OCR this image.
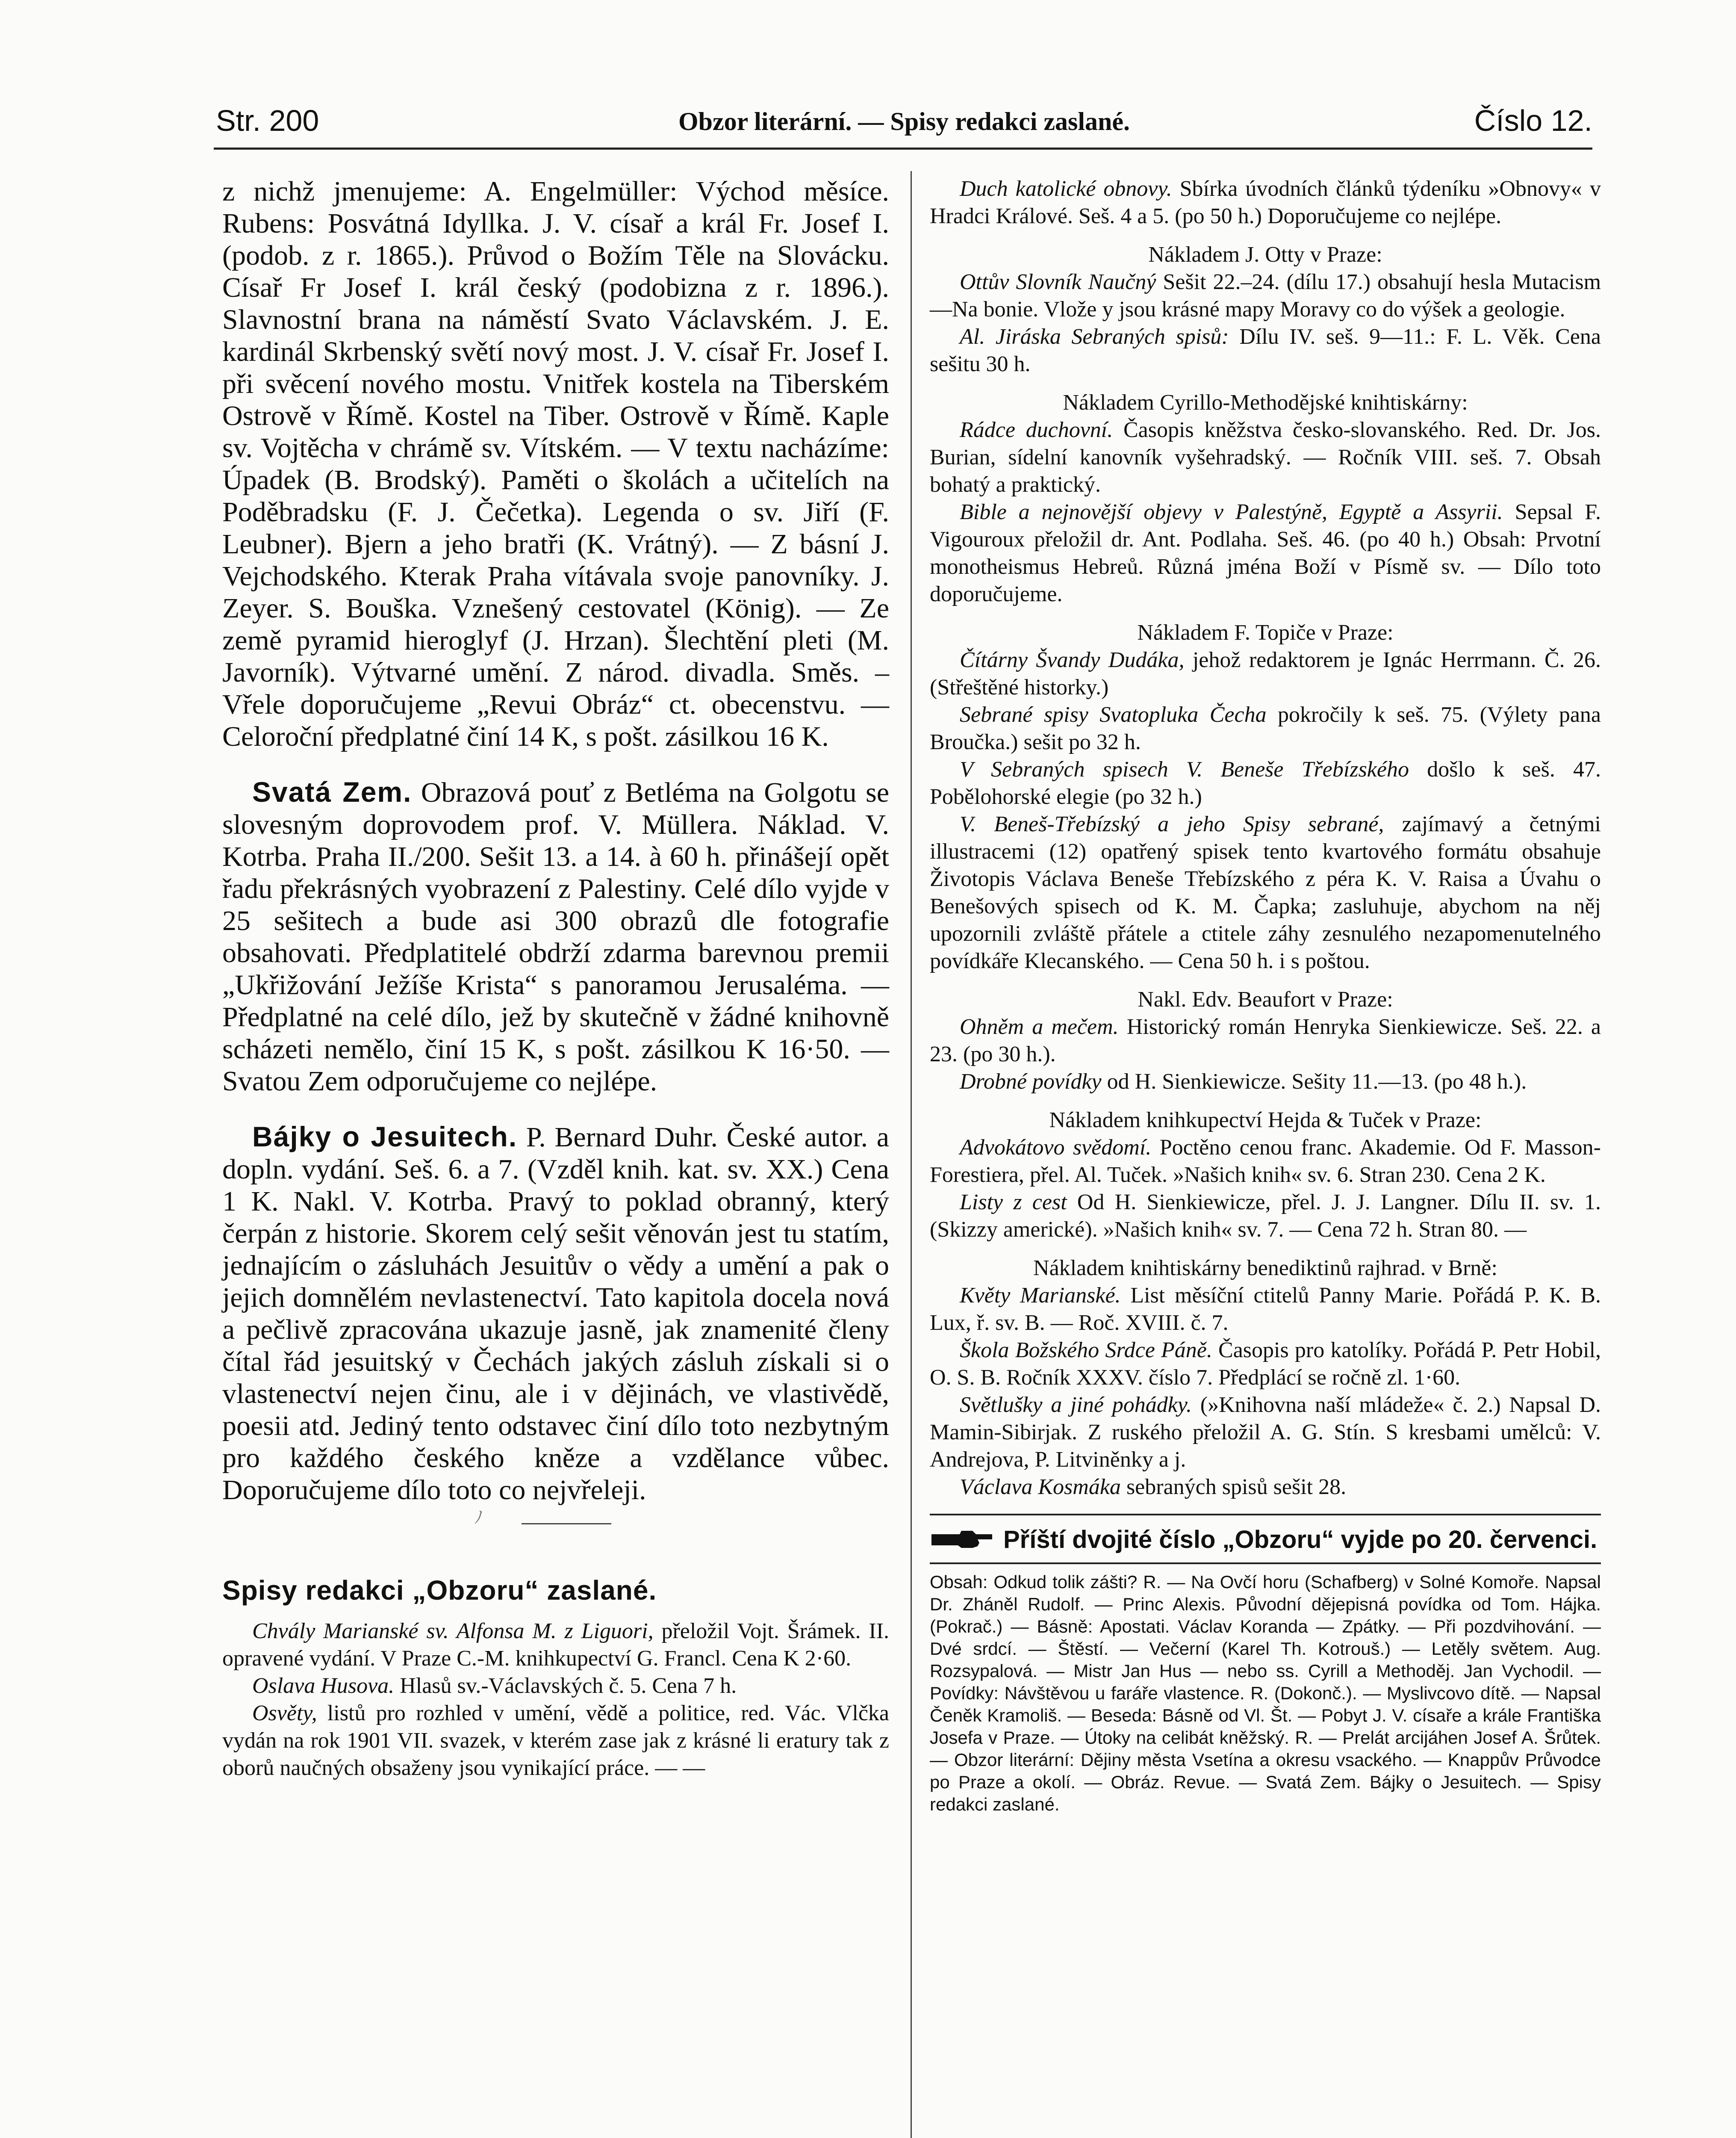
Str. 200	Obzor literární. — Spisy redakci zaslané.	Číslo 12.

z nichž jmenujeme: A. Engelmüller: Východ měsíce. Rubens: Posvátná Idyllka. J. V. císař a král Fr. Josef I. (podob. z r. 1865.). Průvod o Božím Těle na Slovácku. Císař Fr Josef I. král český (podobizna z r. 1896.). Slavnostní brana na náměstí Svato Václavském. J. E. kardinál Skrbenský světí nový most. J. V. císař Fr. Josef I. při svěcení nového mostu. Vnitřek kostela na Tiberském Ostrově v Římě. Kostel na Tiber. Ostrově v Římě. Kaple sv. Vojtěcha v chrámě sv. Vítském. — V textu nacházíme: Úpadek (B. Brodský). Paměti o školách a učitelích na Poděbradsku (F. J. Čečetka). Legenda o sv. Jiří (F. Leubner). Bjern a jeho bratři (K. Vrátný). — Z básní J. Vejchodského. Kterak Praha vítávala svoje panovníky. J. Zeyer. S. Bouška. Vznešený cestovatel (König). — Ze země pyramid hieroglyf (J. Hrzan). Šlechtění pleti (M. Javorník). Výtvarné umění. Z národ. divadla. Směs. – Vřele doporučujeme „Revui Obráz“ ct. obecenstvu. — Celoroční předplatné činí 14 K, s pošt. zásilkou 16 K.

Svatá Zem. Obrazová pouť z Betléma na Golgotu se slovesným doprovodem prof. V. Müllera. Náklad. V. Kotrba. Praha II./200. Sešit 13. a 14. à 60 h. přinášejí opět řadu překrásných vyobrazení z Palestiny. Celé dílo vyjde v 25 sešitech a bude asi 300 obrazů dle fotografie obsahovati. Předplatitelé obdrží zdarma barevnou premii „Ukřižování Ježíše Krista“ s panoramou Jerusaléma. — Předplatné na celé dílo, jež by skutečně v žádné knihovně scházeti nemělo, činí 15 K, s pošt. zásilkou K 16·50. — Svatou Zem odporučujeme co nejlépe.

Bájky o Jesuitech. P. Bernard Duhr. České autor. a dopln. vydání. Seš. 6. a 7. (Vzděl knih. kat. sv. XX.) Cena 1 K. Nakl. V. Kotrba. Pravý to poklad obranný, který čerpán z historie. Skorem celý sešit věnován jest tu statím, jednajícím o zásluhách Jesuitův o vědy a umění a pak o jejich domnělém nevlastenectví. Tato kapitola docela nová a pečlivě zpracována ukazuje jasně, jak znamenité členy čítal řád jesuitský v Čechách jakých zásluh získali si o vlastenectví nejen činu, ale i v dějinách, ve vlastivědě, poesii atd. Jediný tento odstavec činí dílo toto nezbytným pro každého českého kněze a vzdělance vůbec. Doporučujeme dílo toto co nejvřeleji.

ﾉ

Spisy redakci „Obzoru“ zaslané.

Chvály Marianské sv. Alfonsa M. z Liguori, přeložil Vojt. Šrámek. II. opravené vydání. V Praze C.-M. knihkupectví G. Francl. Cena K 2·60.

Oslava Husova. Hlasů sv.-Václavských č. 5. Cena 7 h.

Osvěty, listů pro rozhled v umění, vědě a politice, red. Vác. Vlčka vydán na rok 1901 VII. svazek, v kterém zase jak z krásné li eratury tak z oborů naučných obsaženy jsou vynikající práce. — —

Duch katolické obnovy. Sbírka úvodních článků týdeníku »Obnovy« v Hradci Králové. Seš. 4 a 5. (po 50 h.) Doporučujeme co nejlépe.

Nákladem J. Otty v Praze:

Ottův Slovník Naučný Sešit 22.–24. (dílu 17.) obsahují hesla Mutacism—Na bonie. Vlože y jsou krásné mapy Moravy co do výšek a geologie.

Al. Jiráska Sebraných spisů: Dílu IV. seš. 9—11.: F. L. Věk. Cena sešitu 30 h.

Nákladem Cyrillo-Methodějské knihtiskárny:

Rádce duchovní. Časopis kněžstva česko-slovanského. Red. Dr. Jos. Burian, sídelní kanovník vyšehradský. — Ročník VIII. seš. 7. Obsah bohatý a praktický.

Bible a nejnovější objevy v Palestýně, Egyptě a Assyrii. Sepsal F. Vigouroux přeložil dr. Ant. Podlaha. Seš. 46. (po 40 h.) Obsah: Prvotní monotheismus Hebreů. Různá jména Boží v Písmě sv. — Dílo toto doporučujeme.

Nákladem F. Topiče v Praze:

Čítárny Švandy Dudáka, jehož redaktorem je Ignác Herrmann. Č. 26. (Střeštěné historky.)

Sebrané spisy Svatopluka Čecha pokročily k seš. 75. (Výlety pana Broučka.) sešit po 32 h.

V Sebraných spisech V. Beneše Třebízského došlo k seš. 47. Pobělohorské elegie (po 32 h.)

V. Beneš-Třebízský a jeho Spisy sebrané, zajímavý a četnými illustracemi (12) opatřený spisek tento kvartového formátu obsahuje Životopis Václava Beneše Třebízského z péra K. V. Raisa a Úvahu o Benešových spisech od K. M. Čapka; zasluhuje, abychom na něj upozornili zvláště přátele a ctitele záhy zesnulého nezapomenutelného povídkáře Klecanského. — Cena 50 h. i s poštou.

Nakl. Edv. Beaufort v Praze:

Ohněm a mečem. Historický román Henryka Sienkiewicze. Seš. 22. a 23. (po 30 h.).

Drobné povídky od H. Sienkiewicze. Sešity 11.—13. (po 48 h.).

Nákladem knihkupectví Hejda & Tuček v Praze:

Advokátovo svědomí. Poctěno cenou franc. Akademie. Od F. Masson-Forestiera, přel. Al. Tuček. »Našich knih« sv. 6. Stran 230. Cena 2 K.

Listy z cest Od H. Sienkiewicze, přel. J. J. Langner. Dílu II. sv. 1. (Skizzy americké). »Našich knih« sv. 7. — Cena 72 h. Stran 80. —

Nákladem knihtiskárny benediktinů rajhrad. v Brně:

Květy Marianské. List měsíční ctitelů Panny Marie. Pořádá P. K. B. Lux, ř. sv. B. — Roč. XVIII. č. 7.

Škola Božského Srdce Páně. Časopis pro katolíky. Pořádá P. Petr Hobil, O. S. B. Ročník XXXV. číslo 7. Předplácí se ročně zl. 1·60.

Světlušky a jiné pohádky. (»Knihovna naší mládeže« č. 2.) Napsal D. Mamin-Sibirjak. Z ruského přeložil A. G. Stín. S kresbami umělců: V. Andrejova, P. Litviněnky a j.

Václava Kosmáka sebraných spisů sešit 28.

Příští dvojité číslo „Obzoru“ vyjde po 20. červenci.

Obsah: Odkud tolik zášti? R. — Na Ovčí horu (Schafberg) v Solné Komoře. Napsal Dr. Zháněl Rudolf. — Princ Alexis. Původní dějepisná povídka od Tom. Hájka. (Pokrač.) — Básně: Apostati. Václav Koranda — Zpátky. — Při pozdvihování. — Dvé srdcí. — Štěstí. — Večerní (Karel Th. Kotrouš.) — Letěly světem. Aug. Rozsypalová. — Mistr Jan Hus — nebo ss. Cyrill a Methoděj. Jan Vychodil. — Povídky: Návštěvou u faráře vlastence. R. (Dokonč.). — Myslivcovo dítě. — Napsal Čeněk Kramoliš. — Beseda: Básně od Vl. Št. — Pobyt J. V. císaře a krále Františka Josefa v Praze. — Útoky na celibát kněžský. R. — Prelát arcijáhen Josef A. Šrůtek. — Obzor literární: Dějiny města Vsetína a okresu vsackého. — Knappův Průvodce po Praze a okolí. — Obráz. Revue. — Svatá Zem. Bájky o Jesuitech. — Spisy redakci zaslané.
